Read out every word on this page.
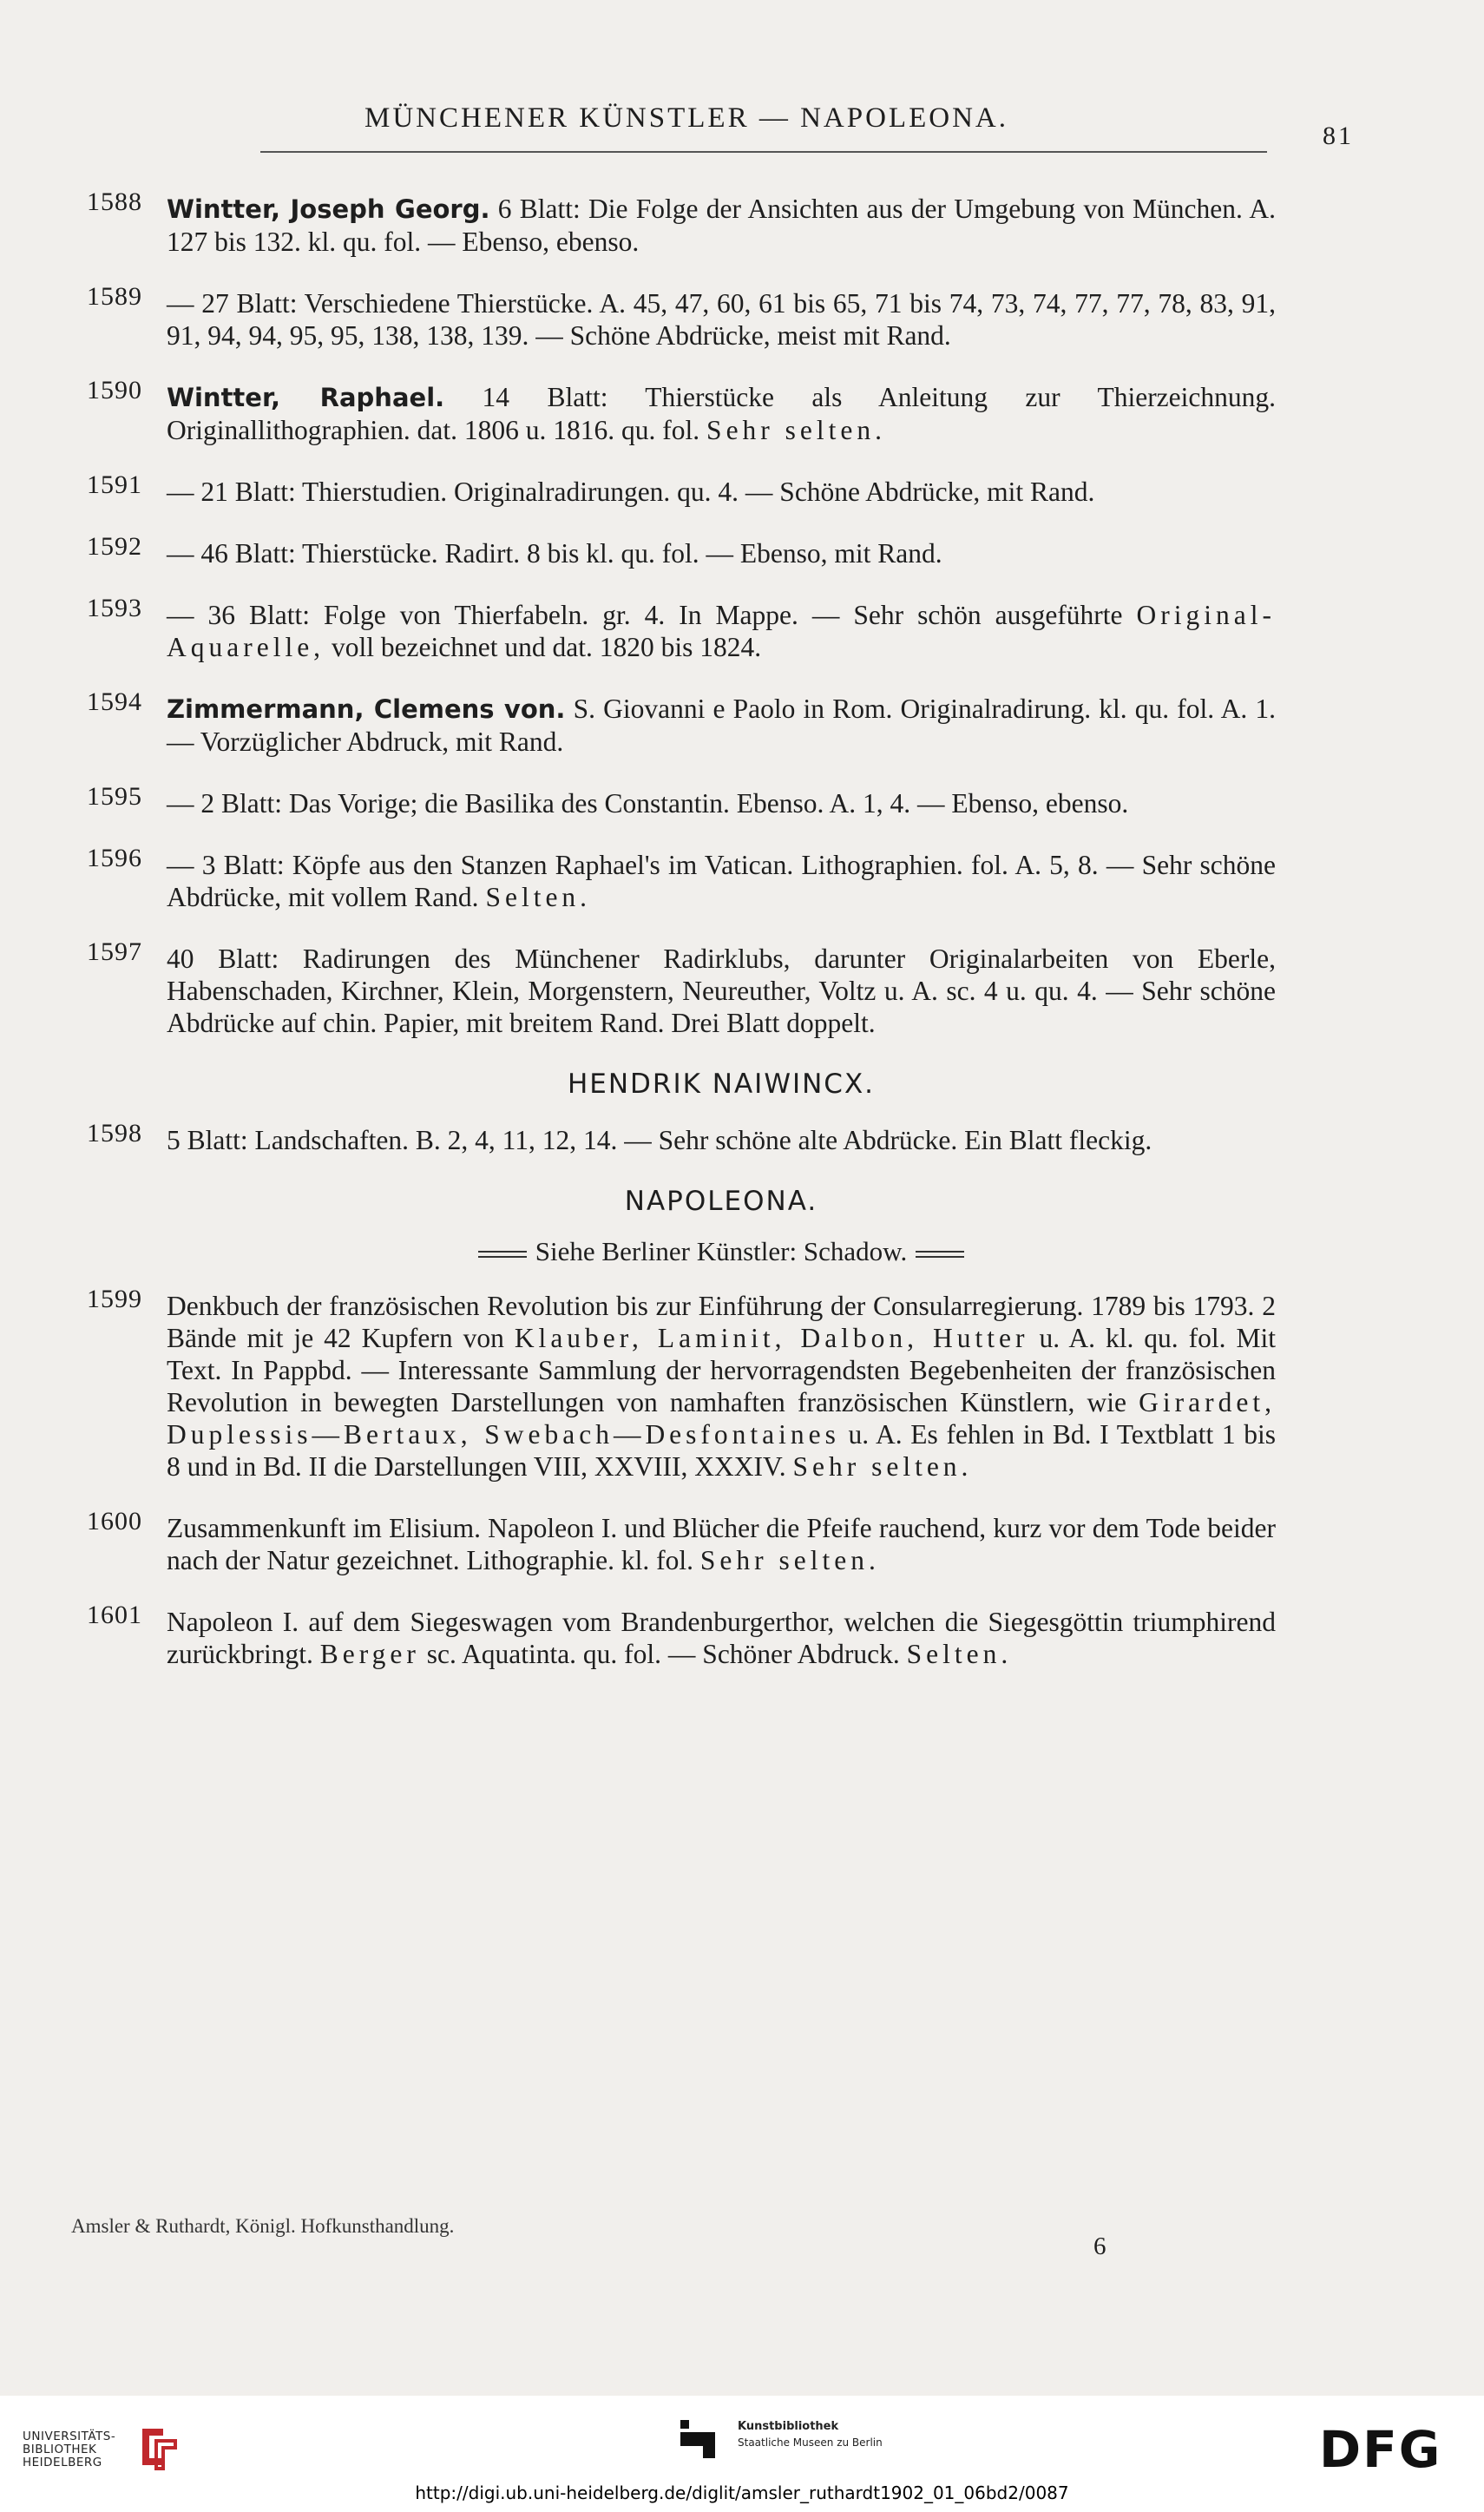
MÜNCHENER KÜNSTLER — NAPOLEONA.
81
1588 Wintter, Joseph Georg. 6 Blatt: Die Folge der Ansichten aus der Umgebung von München. A. 127 bis 132. kl. qu. fol. — Ebenso, ebenso.
1589 — 27 Blatt: Verschiedene Thierstücke. A. 45, 47, 60, 61 bis 65, 71 bis 74, 73, 74, 77, 77, 78, 83, 91, 91, 94, 94, 95, 95, 138, 138, 139. — Schöne Abdrücke, meist mit Rand.
1590 Wintter, Raphael. 14 Blatt: Thierstücke als Anleitung zur Thierzeichnung. Originallithographien. dat. 1806 u. 1816. qu. fol. Sehr selten.
1591 — 21 Blatt: Thierstudien. Originalradirungen. qu. 4. — Schöne Abdrücke, mit Rand.
1592 — 46 Blatt: Thierstücke. Radirt. 8 bis kl. qu. fol. — Ebenso, mit Rand.
1593 — 36 Blatt: Folge von Thierfabeln. gr. 4. In Mappe. — Sehr schön ausgeführte Original-Aquarelle, voll bezeichnet und dat. 1820 bis 1824.
1594 Zimmermann, Clemens von. S. Giovanni e Paolo in Rom. Originalradirung. kl. qu. fol. A. 1. — Vorzüglicher Abdruck, mit Rand.
1595 — 2 Blatt: Das Vorige; die Basilika des Constantin. Ebenso. A. 1, 4. — Ebenso, ebenso.
1596 — 3 Blatt: Köpfe aus den Stanzen Raphael's im Vatican. Lithographien. fol. A. 5, 8. — Sehr schöne Abdrücke, mit vollem Rand. Selten.
1597 40 Blatt: Radirungen des Münchener Radirklubs, darunter Originalarbeiten von Eberle, Habenschaden, Kirchner, Klein, Morgenstern, Neureuther, Voltz u. A. sc. 4 u. qu. 4. — Sehr schöne Abdrücke auf chin. Papier, mit breitem Rand. Drei Blatt doppelt.
HENDRIK NAIWINCX.
1598 5 Blatt: Landschaften. B. 2, 4, 11, 12, 14. — Sehr schöne alte Abdrücke. Ein Blatt fleckig.
NAPOLEONA.
Siehe Berliner Künstler: Schadow.
1599 Denkbuch der französischen Revolution bis zur Einführung der Consularregierung. 1789 bis 1793. 2 Bände mit je 42 Kupfern von Klauber, Laminit, Dalbon, Hutter u. A. kl. qu. fol. Mit Text. In Pappbd. — Interessante Sammlung der hervorragendsten Begebenheiten der französischen Revolution in bewegten Darstellungen von namhaften französischen Künstlern, wie Girardet, Duplessis—Bertaux, Swebach—Desfontaines u. A. Es fehlen in Bd. I Textblatt 1 bis 8 und in Bd. II die Darstellungen VIII, XXVIII, XXXIV. Sehr selten.
1600 Zusammenkunft im Elisium. Napoleon I. und Blücher die Pfeife rauchend, kurz vor dem Tode beider nach der Natur gezeichnet. Lithographie. kl. fol. Sehr selten.
1601 Napoleon I. auf dem Siegeswagen vom Brandenburgerthor, welchen die Siegesgöttin triumphirend zurückbringt. Berger sc. Aquatinta. qu. fol. — Schöner Abdruck. Selten.
Amsler & Ruthardt, Königl. Hofkunsthandlung.
6
UNIVERSITÄTS-
BIBLIOTHEK
HEIDELBERG
Kunstbibliothek
Staatliche Museen zu Berlin	DFG
http://digi.ub.uni-heidelberg.de/diglit/amsler_ruthardt1902_01_06bd2/0087
